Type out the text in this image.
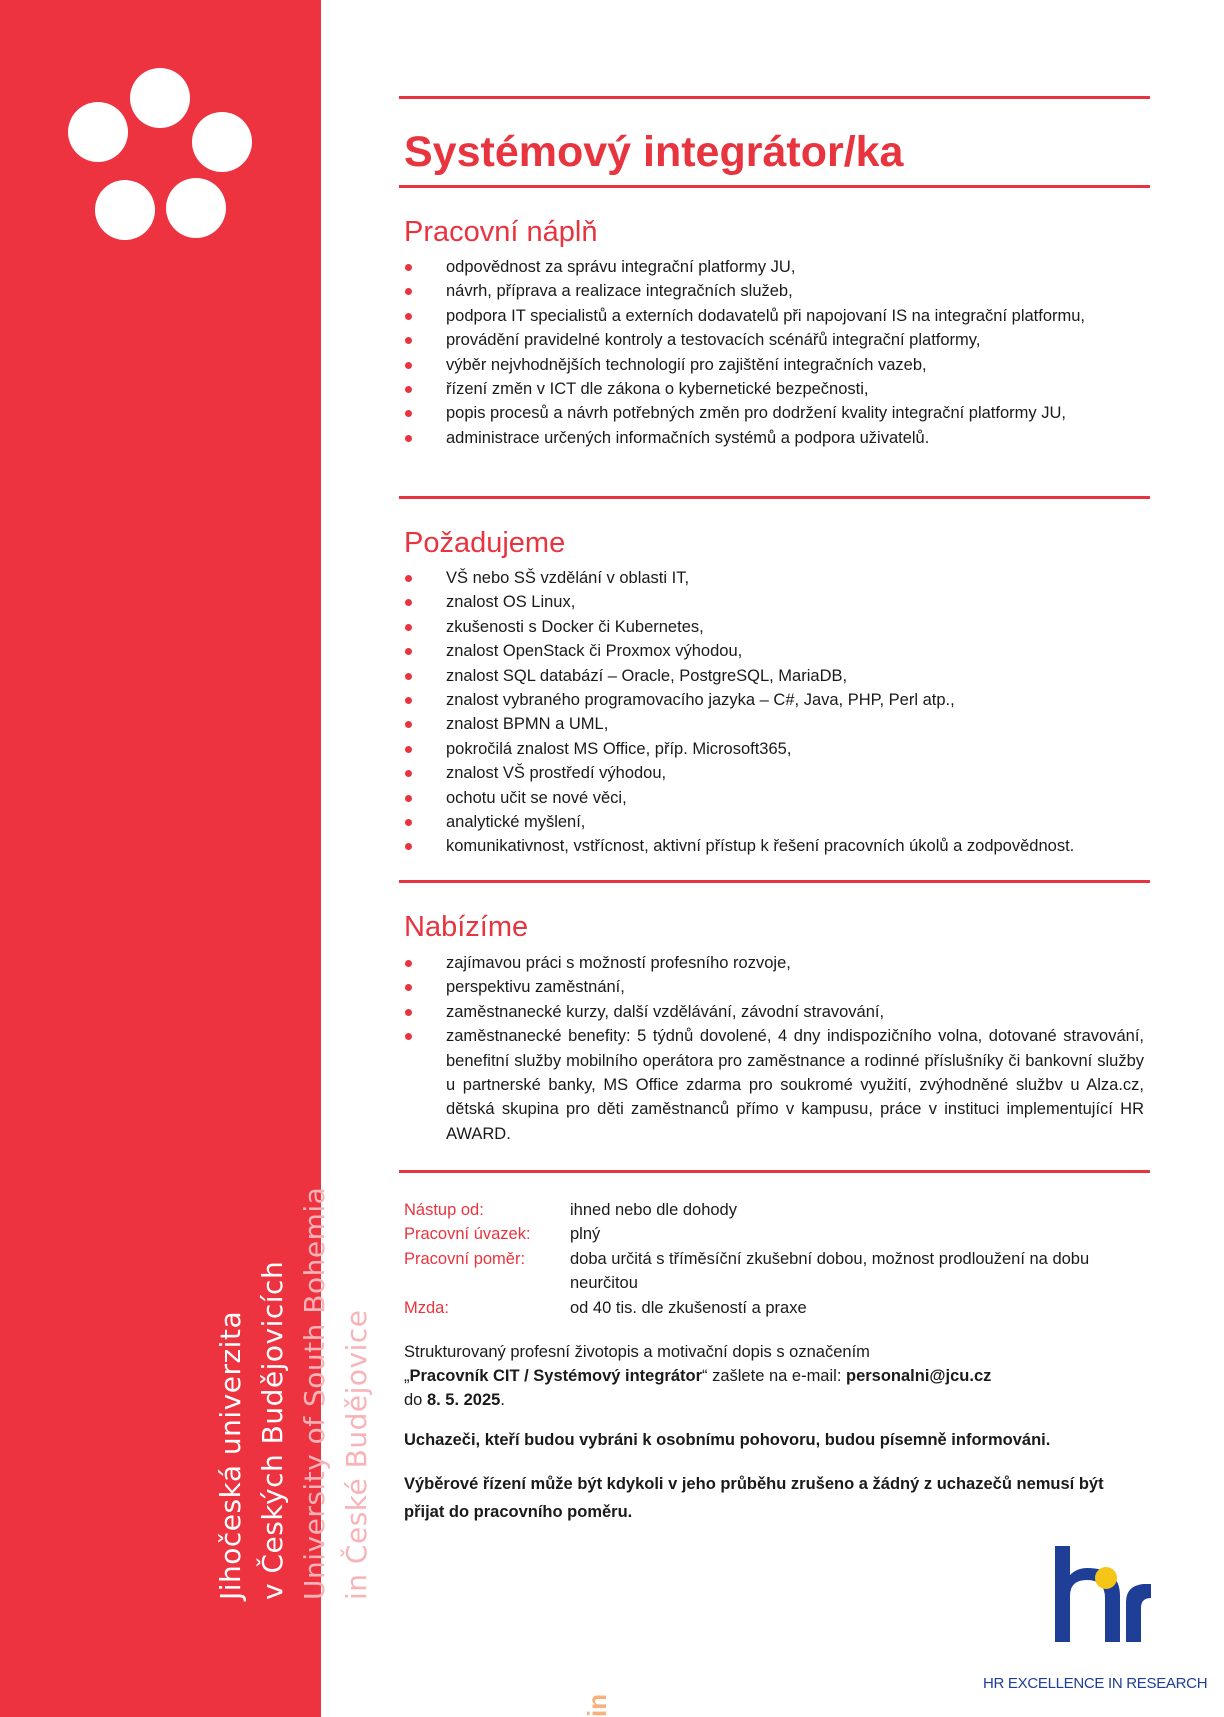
Jihočeská univerzita v Českých Budějovicích University of South Bohemia in České Budějovice
Systémový integrátor/ka
Pracovní náplň
odpovědnost za správu integrační platformy JU,
návrh, příprava a realizace integračních služeb,
podpora IT specialistů a externích dodavatelů při napojovaní IS na integrační platformu,
provádění pravidelné kontroly a testovacích scénářů integrační platformy,
výběr nejvhodnějších technologií pro zajištění integračních vazeb,
řízení změn v ICT dle zákona o kybernetické bezpečnosti,
popis procesů a návrh potřebných změn pro dodržení kvality integrační platformy JU,
administrace určených informačních systémů a podpora uživatelů.
Požadujeme
VŠ nebo SŠ vzdělání v oblasti IT,
znalost OS Linux,
zkušenosti s Docker či Kubernetes,
znalost OpenStack či Proxmox výhodou,
znalost SQL databází – Oracle, PostgreSQL, MariaDB,
znalost vybraného programovacího jazyka – C#, Java, PHP, Perl atp.,
znalost BPMN a UML,
pokročilá znalost MS Office, příp. Microsoft365,
znalost VŠ prostředí výhodou,
ochotu učit se nové věci,
analytické myšlení,
komunikativnost, vstřícnost, aktivní přístup k řešení pracovních úkolů a zodpovědnost.
Nabízíme
zajímavou práci s možností profesního rozvoje,
perspektivu zaměstnání,
zaměstnanecké kurzy, další vzdělávání, závodní stravování,
zaměstnanecké benefity: 5 týdnů dovolené, 4 dny indispozičního volna, dotované stravování, benefitní služby mobilního operátora pro zaměstnance a rodinné příslušníky či bankovní služby u partnerské banky, MS Office zdarma pro soukromé využití, zvýhodněné službv u Alza.cz, dětská skupina pro děti zaměstnanců přímo v kampusu, práce v instituci implementující HR AWARD.
Nástup od:	ihned nebo dle dohody
Pracovní úvazek:	plný
Pracovní poměr:	doba určitá s tříměsíční zkušební dobou, možnost prodloužení na dobu neurčitou
Mzda:	od 40 tis. dle zkušeností a praxe
Strukturovaný profesní životopis a motivační dopis s označením
„Pracovník CIT / Systémový integrátor“ zašlete na e-mail: personalni@jcu.cz
do 8. 5. 2025.
Uchazeči, kteří budou vybráni k osobnímu pohovoru, budou písemně informováni.
Výběrové řízení může být kdykoli v jeho průběhu zrušeno a žádný z uchazečů nemusí být přijat do pracovního poměru.
HR EXCELLENCE IN RESEARCH
in
